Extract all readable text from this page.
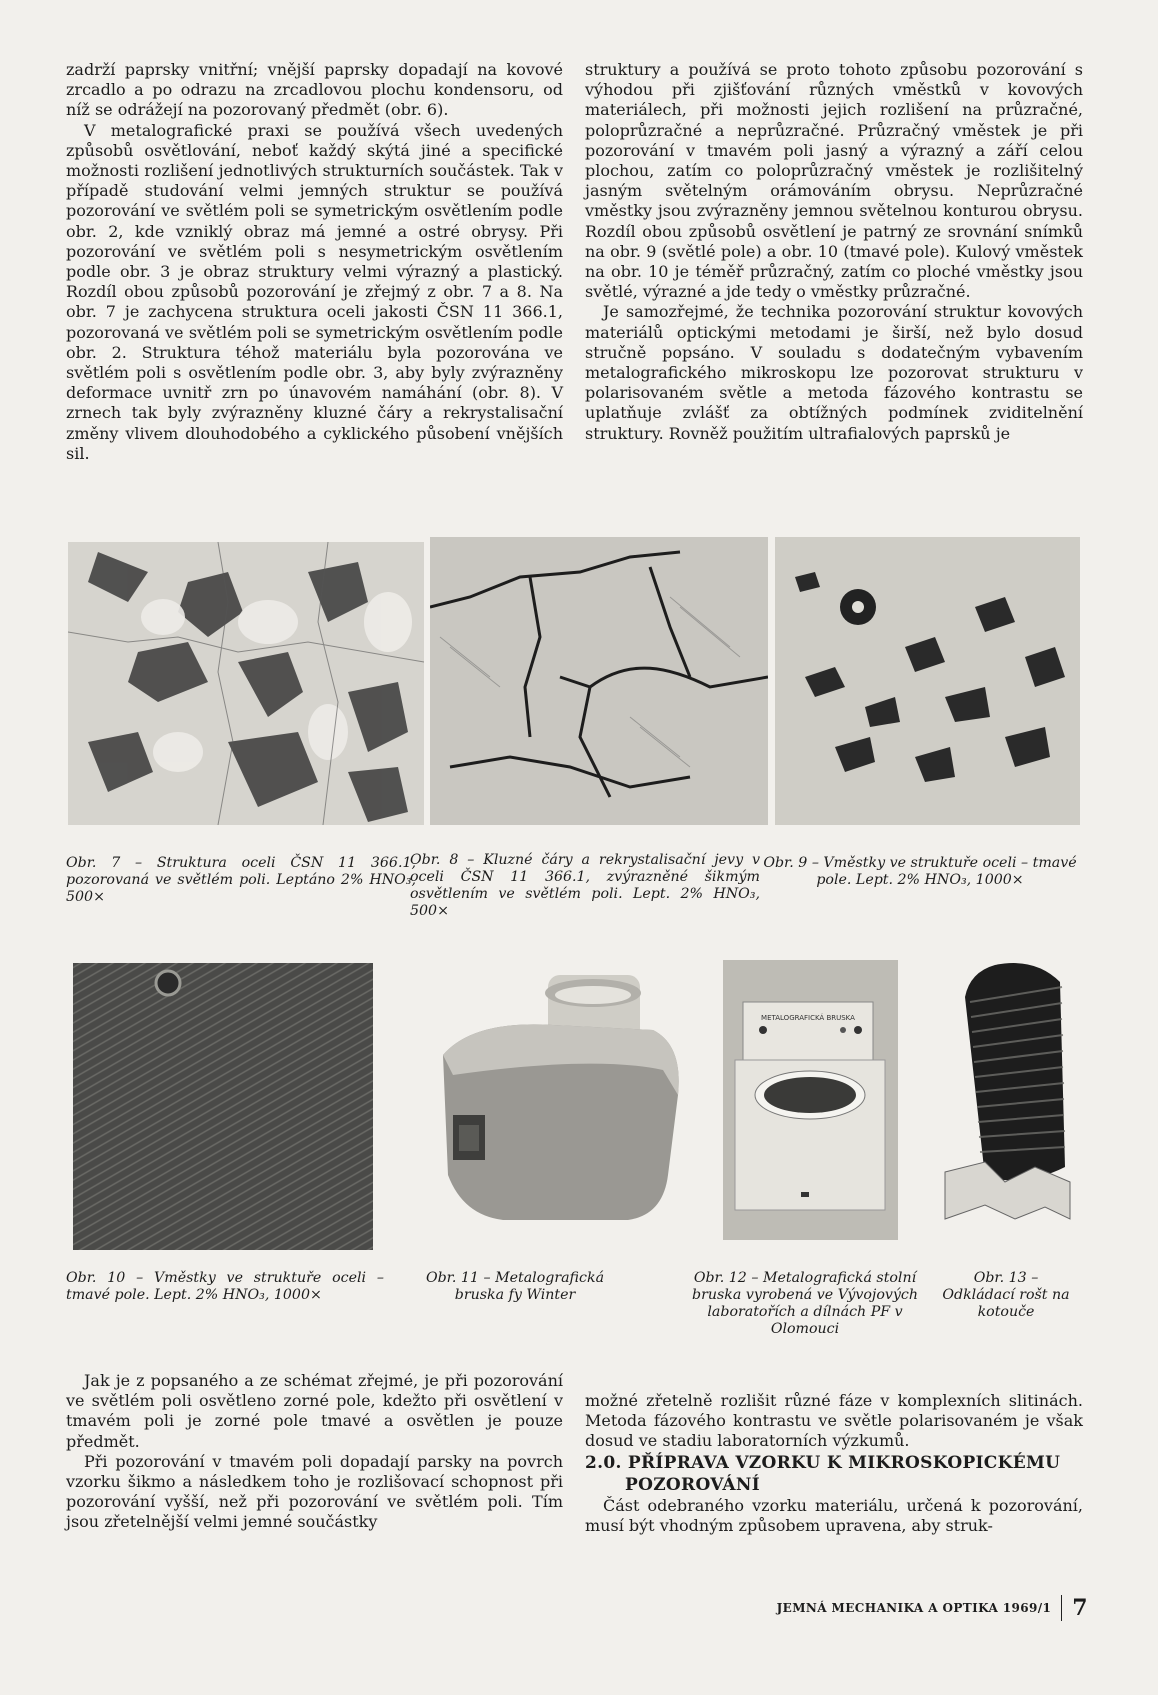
zadrží paprsky vnitřní; vnější paprsky dopadají na kovové zrcadlo a po odrazu na zrcadlovou plochu kondensoru, od níž se odrážejí na pozorovaný předmět (obr. 6).

V metalografické praxi se používá všech uvedených způsobů osvětlování, neboť každý skýtá jiné a specifické možnosti rozlišení jednotlivých strukturních součástek. Tak v případě studování velmi jemných struktur se používá pozorování ve světlém poli se symetrickým osvětlením podle obr. 2, kde vzniklý obraz má jemné a ostré obrysy. Při pozorování ve světlém poli s nesymetrickým osvětlením podle obr. 3 je obraz struktury velmi výrazný a plastický. Rozdíl obou způsobů pozorování je zřejmý z obr. 7 a 8. Na obr. 7 je zachycena struktura oceli jakosti ČSN 11 366.1, pozorovaná ve světlém poli se symetrickým osvětlením podle obr. 2. Struktura téhož materiálu byla pozorována ve světlém poli s osvětlením podle obr. 3, aby byly zvýrazněny deformace uvnitř zrn po únavovém namáhání (obr. 8). V zrnech tak byly zvýrazněny kluzné čáry a rekrystalisační změny vlivem dlouhodobého a cyklického působení vnějších sil.

struktury a používá se proto tohoto způsobu pozorování s výhodou při zjišťování různých vměstků v kovových materiálech, při možnosti jejich rozlišení na průzračné, poloprůzračné a neprůzračné. Průzračný vměstek je při pozorování v tmavém poli jasný a výrazný a září celou plochou, zatím co poloprůzračný vměstek je rozlišitelný jasným světelným orámováním obrysu. Neprůzračné vměstky jsou zvýrazněny jemnou světelnou konturou obrysu. Rozdíl obou způsobů osvětlení je patrný ze srovnání snímků na obr. 9 (světlé pole) a obr. 10 (tmavé pole). Kulový vměstek na obr. 10 je téměř průzračný, zatím co ploché vměstky jsou světlé, výrazné a jde tedy o vměstky průzračné.

Je samozřejmé, že technika pozorování struktur kovových materiálů optickými metodami je širší, než bylo dosud stručně popsáno. V souladu s dodatečným vybavením metalografického mikroskopu lze pozorovat strukturu v polarisovaném světle a metoda fázového kontrastu se uplatňuje zvlášť za obtížných podmínek zviditelnění struktury. Rovněž použitím ultrafialových paprsků je

Obr. 7 – Struktura oceli ČSN 11 366.1, pozorovaná ve světlém poli. Leptáno 2% HNO₃, 500×
Obr. 8 – Kluzné čáry a rekrystalisační jevy v oceli ČSN 11 366.1, zvýrazněné šikmým osvětlením ve světlém poli. Lept. 2% HNO₃, 500×
Obr. 9 – Vměstky ve struktuře oceli – tmavé pole. Lept. 2% HNO₃, 1000×
METALOGRAFICKÁ BRUSKA
Obr. 10 – Vměstky ve struktuře oceli – tmavé pole. Lept. 2% HNO₃, 1000×
Obr. 11 – Metalografická bruska fy Winter
Obr. 12 – Metalografická stolní bruska vyrobená ve Vývojových laboratořích a dílnách PF v Olomouci
Obr. 13 – Odkládací rošt na kotouče

Jak je z popsaného a ze schémat zřejmé, je při pozorování ve světlém poli osvětleno zorné pole, kdežto při osvětlení v tmavém poli je zorné pole tmavé a osvětlen je pouze předmět.

Při pozorování v tmavém poli dopadají parsky na povrch vzorku šikmo a následkem toho je rozlišovací schopnost při pozorování vyšší, než při pozorování ve světlém poli. Tím jsou zřetelnější velmi jemné součástky

možné zřetelně rozlišit různé fáze v komplexních slitinách. Metoda fázového kontrastu ve světle polarisovaném je však dosud ve stadiu laboratorních výzkumů.

2.0. PŘÍPRAVA VZORKU K MIKROSKOPICKÉMU
POZOROVÁNÍ

Část odebraného vzorku materiálu, určená k pozorování, musí být vhodným způsobem upravena, aby struk-

JEMNÁ MECHANIKA A OPTIKA 1969/1 7
